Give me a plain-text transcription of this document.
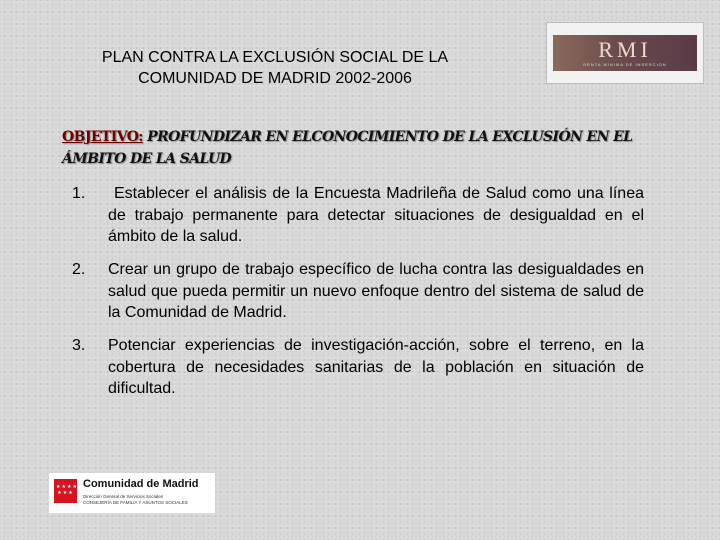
PLAN CONTRA LA EXCLUSIÓN SOCIAL DE LA
COMUNIDAD DE MADRID 2002-2006
RMI
RENTA MINIMA DE INSERCION
OBJETIVO: PROFUNDIZAR EN ELCONOCIMIENTO DE LA EXCLUSIÓN EN EL ÁMBITO DE LA SALUD
1.	Establecer el análisis de la Encuesta Madrileña de Salud como una línea de trabajo permanente para detectar situaciones de desigualdad en el ámbito de la salud.
2. Crear un grupo de trabajo específico de lucha contra las desigualdades en salud que pueda permitir un nuevo enfoque dentro del sistema de salud de la Comunidad de Madrid.
3. Potenciar experiencias de investigación-acción, sobre el terreno, en la cobertura de necesidades sanitarias de la población en situación de dificultad.
★★★★
★★★
Comunidad de Madrid
Dirección General de Servicios Sociales
CONSEJERÍA DE FAMILIA Y ASUNTOS SOCIALES
